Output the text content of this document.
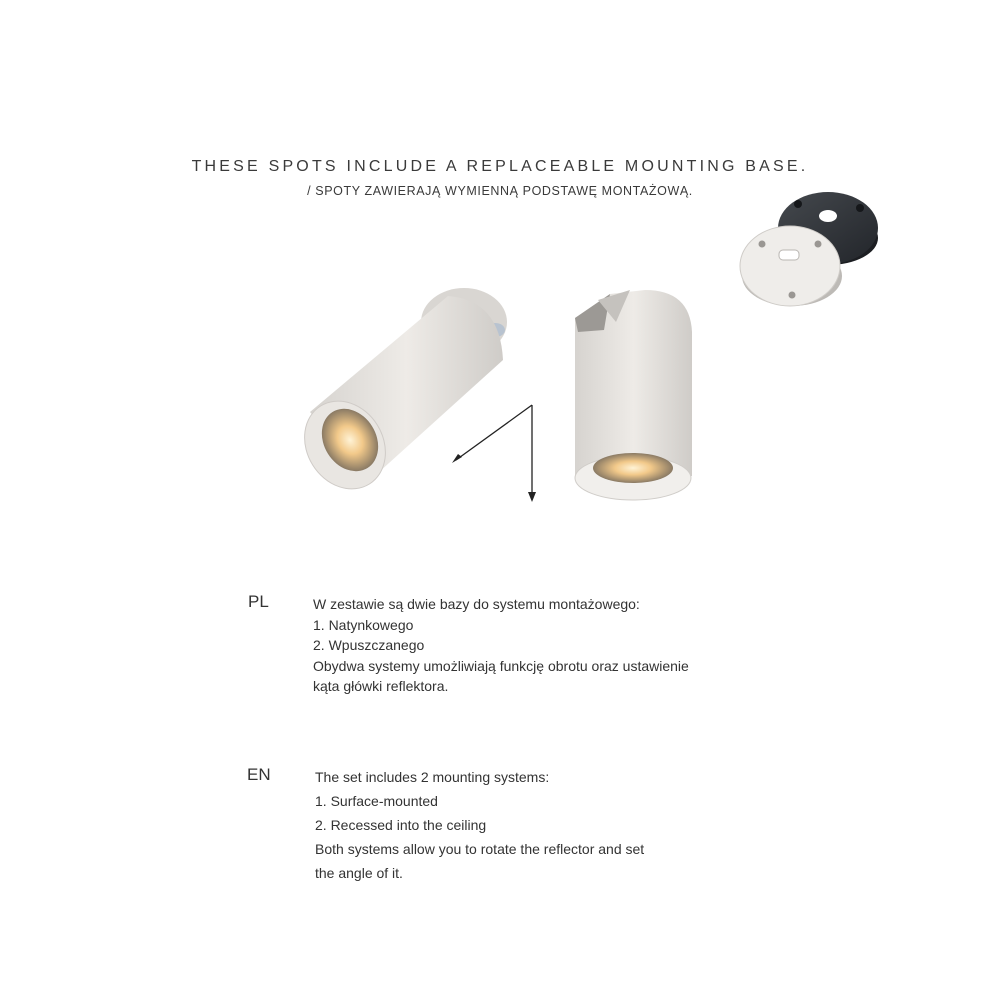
THESE SPOTS INCLUDE A REPLACEABLE MOUNTING BASE.
/ SPOTY ZAWIERAJĄ WYMIENNĄ PODSTAWĘ MONTAŻOWĄ.
PL	W zestawie są dwie bazy do systemu montażowego:
1. Natynkowego
2. Wpuszczanego
Obydwa systemy umożliwiają funkcję obrotu oraz ustawienie
kąta główki reflektora.
EN	The set includes 2 mounting systems:
1. Surface-mounted
2. Recessed into the ceiling
Both systems allow you to rotate the reflector and set
the angle of it.
